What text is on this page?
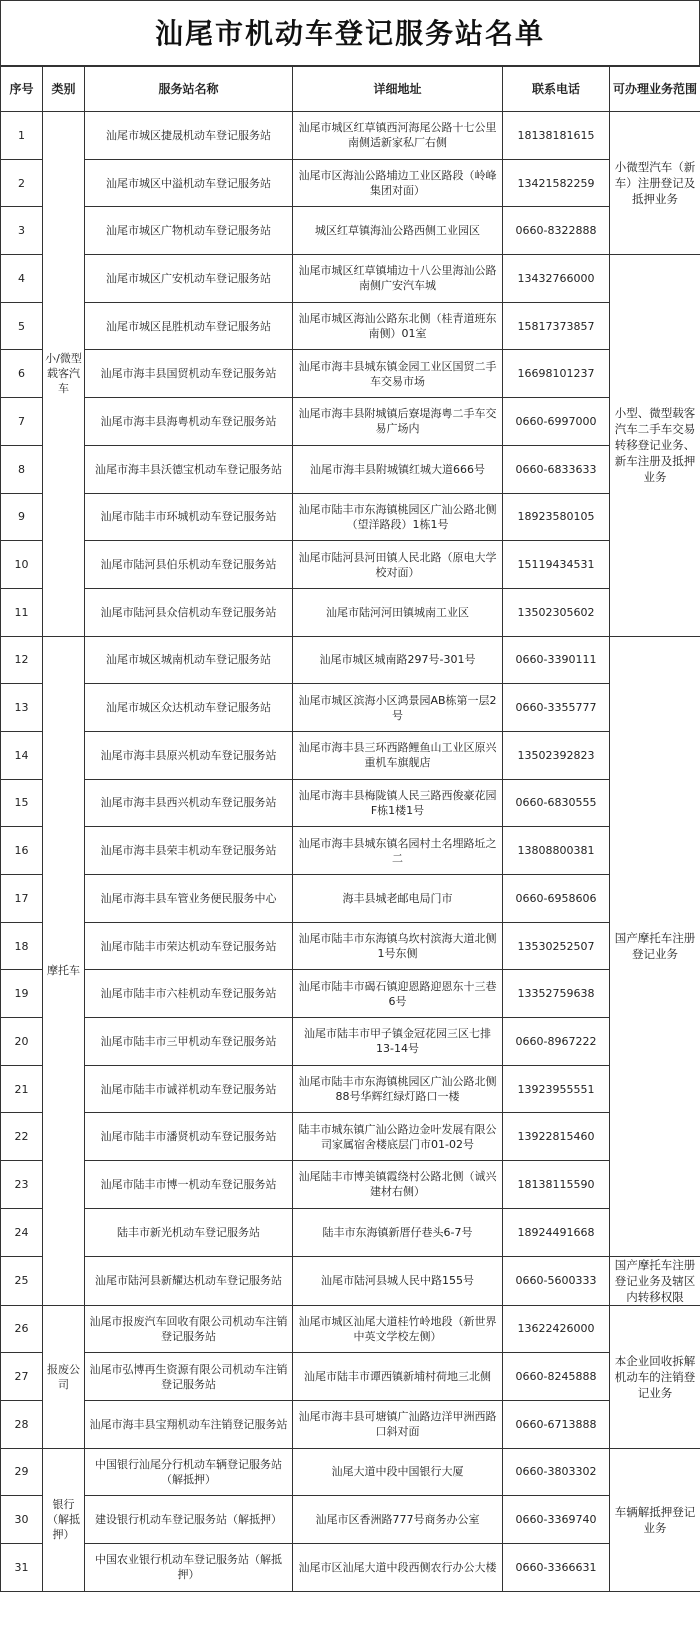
汕尾市机动车登记服务站名单
序号	类别	服务站名称	详细地址	联系电话	可办理业务范围
1	小/微型载客汽车	汕尾市城区捷晟机动车登记服务站	汕尾市城区红草镇西河海尾公路十七公里南侧适新家私厂右侧	18138181615	小微型汽车（新车）注册登记及抵押业务
2		汕尾市城区中溢机动车登记服务站	汕尾市区海汕公路埔边工业区路段（岭峰集团对面）	13421582259	
3		汕尾市城区广物机动车登记服务站	城区红草镇海汕公路西侧工业园区	0660-8322888	
4		汕尾市城区广安机动车登记服务站	汕尾市城区红草镇埔边十八公里海汕公路南侧广安汽车城	13432766000	小型、微型载客汽车二手车交易转移登记业务、新车注册及抵押业务
5		汕尾市城区昆胜机动车登记服务站	汕尾市城区海汕公路东北侧（桂青道班东南侧）01室	15817373857	
6		汕尾市海丰县国贸机动车登记服务站	汕尾市海丰县城东镇金园工业区国贸二手车交易市场	16698101237	
7		汕尾市海丰县海粤机动车登记服务站	汕尾市海丰县附城镇后寮堤海粤二手车交易广场内	0660-6997000	
8		汕尾市海丰县沃德宝机动车登记服务站	汕尾市海丰县附城镇红城大道666号	0660-6833633	
9		汕尾市陆丰市环城机动车登记服务站	汕尾市陆丰市东海镇桃园区广汕公路北侧（望洋路段）1栋1号	18923580105	
10		汕尾市陆河县伯乐机动车登记服务站	汕尾市陆河县河田镇人民北路（原电大学校对面）	15119434531	
11		汕尾市陆河县众信机动车登记服务站	汕尾市陆河河田镇城南工业区	13502305602	
12	摩托车	汕尾市城区城南机动车登记服务站	汕尾市城区城南路297号-301号	0660-3390111	国产摩托车注册登记业务
13		汕尾市城区众达机动车登记服务站	汕尾市城区滨海小区鸿景园AB栋第一层2号	0660-3355777	
14		汕尾市海丰县原兴机动车登记服务站	汕尾市海丰县三环西路鲤鱼山工业区原兴重机车旗舰店	13502392823	
15		汕尾市海丰县西兴机动车登记服务站	汕尾市海丰县梅陇镇人民三路西俊豪花园F栋1楼1号	0660-6830555	
16		汕尾市海丰县荣丰机动车登记服务站	汕尾市海丰县城东镇名园村土名埋路坵之二	13808800381	
17		汕尾市海丰县车管业务便民服务中心	海丰县城老邮电局门市	0660-6958606	
18		汕尾市陆丰市荣达机动车登记服务站	汕尾市陆丰市东海镇乌坎村滨海大道北侧1号东侧	13530252507	
19		汕尾市陆丰市六桂机动车登记服务站	汕尾市陆丰市碣石镇迎恩路迎恩东十三巷6号	13352759638	
20		汕尾市陆丰市三甲机动车登记服务站	汕尾市陆丰市甲子镇金冠花园三区七排13-14号	0660-8967222	
21		汕尾市陆丰市诚祥机动车登记服务站	汕尾市陆丰市东海镇桃园区广汕公路北侧88号华辉红绿灯路口一楼	13923955551	
22		汕尾市陆丰市潘贤机动车登记服务站	陆丰市城东镇广汕公路边金叶发展有限公司家属宿舍楼底层门市01-02号	13922815460	
23		汕尾市陆丰市博一机动车登记服务站	汕尾陆丰市博美镇霞绕村公路北侧（诚兴建材右侧）	18138115590	
24		陆丰市新光机动车登记服务站	陆丰市东海镇新厝仔巷头6-7号	18924491668	
25		汕尾市陆河县新耀达机动车登记服务站	汕尾市陆河县城人民中路155号	0660-5600333	国产摩托车注册登记业务及辖区内转移权限
26	报废公司	汕尾市报废汽车回收有限公司机动车注销登记服务站	汕尾市城区汕尾大道桂竹岭地段（新世界中英文学校左侧）	13622426000	本企业回收拆解机动车的注销登记业务
27		汕尾市弘博再生资源有限公司机动车注销登记服务站	汕尾市陆丰市谭西镇新埔村荷地三北侧	0660-8245888	
28		汕尾市海丰县宝翔机动车注销登记服务站	汕尾市海丰县可塘镇广汕路边洋甲洲西路口斜对面	0660-6713888	
29	银行（解抵押）	中国银行汕尾分行机动车辆登记服务站（解抵押）	汕尾大道中段中国银行大厦	0660-3803302	车辆解抵押登记业务
30		建设银行机动车登记服务站（解抵押）	汕尾市区香洲路777号商务办公室	0660-3369740	
31		中国农业银行机动车登记服务站（解抵押）	汕尾市区汕尾大道中段西侧农行办公大楼	0660-3366631	
